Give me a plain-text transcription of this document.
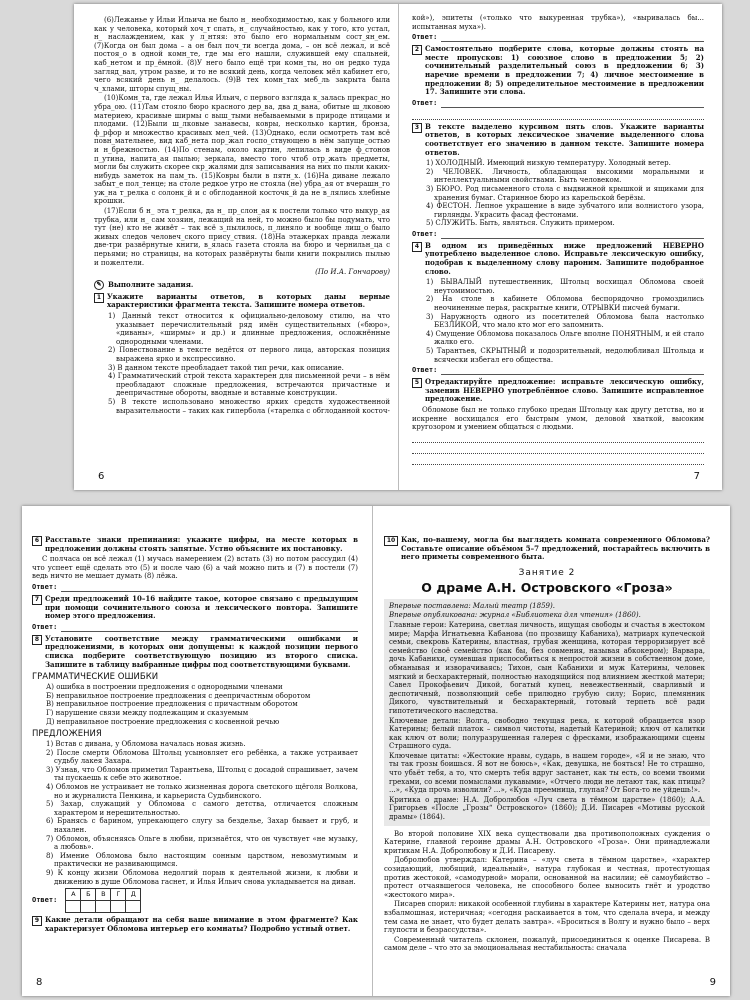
(6)Лежанье у Ильи Ильича не было н_ необходимостью, как у больного или как у человека, который хоч_т спать, н_ случайностью, как у того, кто устал, н_ наслаждением, как у л_нтяя: это было его нормальным сост_ян_ем. (7)Когда он был дома – а он был поч_ти всегда дома, – он всё лежал, и всё постоя_о в одной комн_те, где мы его нашли, служившей ему спальней, каб_нетом и пр_ёмной. (8)У него было ещё три комн_ты, но он редко туда загляд_вал, утром разве, и то не всякий день, когда человек мёл кабинет его, чего всякий день н_ делалось. (9)В тех комн_тах меб_ль закрыта была ч_хлами, шторы спущ_ны.

(10)Комн_та, где лежал Илья Ильич, с первого взгляда к_залась прекрас_но убра_ою. (11)Там стояло бюро красного дер_ва, два д_вана, обитые ш_лковою материею, красивые ширмы с выш_тыми небываемыми в природе птицами и плодами. (12)Были ш_лковые занавесы, ковры, несколько картин, бронза, ф_рфор и множество красивых мел_чей. (13)Однако, если осмотреть там всё повн_мательнее, вид каб_нета пор_жал госпо_ствующею в нём запуще_остью и н_брежностью. (14)По стенам, около картин, лепилась в виде ф_стонов п_утина, напита_ая пылью; зеркала, вместо того чтоб отр_жать предметы, могли бы служить скорее скр_жалями для записывания на них по пыли каких-нибудь заметок на пам_ть. (15)Ковры были в пятн_х. (16)На диване лежало забыт_е пол_тенце; на столе редкое утро не стояла (не) убра_ая от вчерашн_го уж_на т_релка с солонк_й и с обглоданной косточк_й да не в_лялись хлебные крошки.

(17)Если б н_ эта т_релка, да н_ пр_слон_ая к постели только что выкур_ая трубка, или н_ сам хозяин, лежащий на ней, то можно было бы подумать, что тут (не) кто не живёт – так всё з_пылилось, п_линяло и вообще лиш_о было живых следов человеч_ского прису_ствия. (18)На этажерках правда лежали две-три развёрнутые книги, в_ялась газета стояла на бюро и чернильн_ца с перьями; но страницы, на которых развёрнуты были книги покрылись пылью и пожелтели.

(По И.А. Гончарову)

✎ Выполните задания.
1 Укажите варианты ответов, в которых даны верные характеристики фрагмента текста. Запишите номера ответов.

1) Данный текст относится к официально-деловому стилю, на что указывает перечислительный ряд имён существительных («бюро», «диваны», «ширмы» и др.) и длинные предложения, осложнённые однородными членами.

2) Повествование в тексте ведётся от первого лица, авторская позиция выражена ярко и экспрессивно.

3) В данном тексте преобладает такой тип речи, как описание.

4) Грамматический строй текста характерен для письменной речи – в нём преобладают сложные предложения, встречаются причастные и деепричастные обороты, вводные и вставные конструкции.

5) В тексте использовано множество ярких средств художественной выразительности – таких как гипербола («тарелка с обглоданной косточ-

6

кой»), эпитеты («только что выкуренная трубка»), «выривалась бы... испытанная муха»).

Ответ:
2 Самостоятельно подберите слова, которые должны стоять на месте пропусков: 1) союзное слово в предложении 5; 2) сочинительный разделительный союз в предложении 6; 3) наречие времени в предложении 7; 4) личное местоимение в предложении 8; 5) определительное местоимение в предложении 17. Запишите эти слова.
Ответ:
3 В тексте выделено курсивом пять слов. Укажите варианты ответов, в которых лексическое значение выделенного слова соответствует его значению в данном тексте. Запишите номера ответов.

1) ХОЛОДНЫЙ. Имеющий низкую температуру. Холодный ветер.

2) ЧЕЛОВЕК. Личность, обладающая высокими моральными и интеллектуальными свойствами. Быть человеком.

3) БЮРО. Род письменного стола с выдвижной крышкой и ящиками для хранения бумаг. Старинное бюро из карельской берёзы.

4) ФЕСТОН. Лепное украшение в виде зубчатого или волнистого узора, гирлянды. Украсить фасад фестонами.

5) СЛУЖИТЬ. Быть, являться. Служить примером.

Ответ:
4 В одном из приведённых ниже предложений НЕВЕРНО употреблено выделенное слово. Исправьте лексическую ошибку, подобрав к выделенному слову пароним. Запишите подобранное слово.

1) БЫВАЛЫЙ путешественник, Штольц восхищал Обломова своей неутомимостью.

2) На столе в кабинете Обломова беспорядочно громоздились неочиненные перья, раскрытые книги, ОТРЫВКИ писчей бумаги.

3) Наружность одного из посетителей Обломова была настолько БЕЗЛИКОЙ, что мало кто мог его запомнить.

4) Смущение Обломова показалось Ольге вполне ПОНЯТНЫМ, и ей стало жалко его.

5) Тарантьев, СКРЫТНЫЙ и подозрительный, недолюбливал Штольца и всячески избегал его общества.

Ответ:
5 Отредактируйте предложение: исправьте лексическую ошибку, заменив НЕВЕРНО употреблённое слово. Запишите исправленное предложение.

Обломове был не только глубоко предан Штольцу как другу детства, но и искренне восхищался его быстрым умом, деловой хваткой, высоким кругозором и умением общаться с людьми.

7
6 Расставьте знаки препинания: укажите цифры, на месте которых в предложении должны стоять запятые. Устно объясните их постановку.

С полчаса он всё лежал (1) мучась намерением (2) встать (3) но потом рассудил (4) что успеет ещё сделать это (5) и после чаю (6) а чай можно пить и (7) в постели (7) ведь ничто не мешает думать (8) лёжа.

Ответ:
7 Среди предложений 10–16 найдите такое, которое связано с предыдущим при помощи сочинительного союза и лексического повтора. Запишите номер этого предложения.
Ответ:
8 Установите соответствие между грамматическими ошибками и предложениями, в которых они допущены: к каждой позиции первого списка подберите соответствующую позицию из второго списка. Запишите в таблицу выбранные цифры под соответствующими буквами.
ГРАММАТИЧЕСКИЕ ОШИБКИ

А) ошибка в построении предложения с однородными членами

Б) неправильное построение предложения с деепричастным оборотом

В) неправильное построение предложения с причастным оборотом

Г) нарушение связи между подлежащим и сказуемым

Д) неправильное построение предложения с косвенной речью

ПРЕДЛОЖЕНИЯ

1) Встав с дивана, у Обломова началась новая жизнь.

2) После смерти Обломова Штольц усыновляет его ребёнка, а также устраивает судьбу лакея Захара.

3) Узнав, что Обломов приметил Тарантьева, Штольц с досадой спрашивает, зачем ты пускаешь к себе это животное.

4) Обломов не устраивает не только жизненная дорога светского щёголя Волкова, но и журналиста Пенкина, и карьериста Судьбинского.

5) Захар, служащий у Обломова с самого детства, отличается сложным характером и нерешительностью.

6) Бранясь с барином, упрекающего слугу за безделье, Захар бывает и груб, и нахален.

7) Обломов, объясняясь Ольге в любви, признаётся, что он чувствует «не музыку, а любовь».

8) Имение Обломова было настоящим сонным царством, невозмутимым и практически не развивающимся.

9) К концу жизни Обломова недолгий порыв к деятельной жизни, к любви и движению в душе Обломова гаснет, и Илья Ильич снова укладывается на диван.

Ответ:
А	Б	В	Г	Д

9 Какие детали обращают на себя ваше внимание в этом фрагменте? Как характеризует Обломова интерьер его комнаты? Подробно устный ответ.
8
10 Как, по-вашему, могла бы выглядеть комната современного Обломова? Составьте описание объёмом 5–7 предложений, постарайтесь включить в него приметы современного быта.
Занятие 2
О драме А.Н. Островского «Гроза»

Впервые поставлена: Малый театр (1859).

Впервые опубликована: журнал «Библиотека для чтения» (1860).

Главные герои: Катерина, светлая личность, ищущая свободы и счастья в жестоком мире; Марфа Игнатьевна Кабанова (по прозвищу Кабаниха), матриарх купеческой семьи, свекровь Катерины, властная, грубая женщина, которая терроризирует всё семейство (своё семейство (как бы, без совмения, называя абкокером); Варвара, дочь Кабанихи, сумевшая приспособиться к непростой жизни в собственном доме, обманывая и изворачиваясь; Тихон, сын Кабанихи и муж Катерины, человек мягкий и бесхарактерный, полностью находящийся под влиянием жесткой матери; Савел Прокофьевич Дикой, богатый купец, невежественный, сварливый и деспотичный, позволяющий себе прилюдно грубую силу; Борис, племянник Дикого, чувствительный и бесхарактерный, готовый терпеть всё ради гипотетического наследства.

Ключевые детали: Волга, свободно текущая река, к которой обращается взор Катерины; белый платок – символ чистоты, надетый Катериной; ключ от калитки как ключ от воли; полуразрушенная галерея с фресками, изображающими сцены Страшного суда.

Ключевые цитаты: «Жестокие нравы, сударь, в нашем городе», «Я и не знаю, что ты так грозы боишься. Я вот не боюсь», «Как, девушка, не бояться! Не то страшно, что убьёт тебя, а то, что смерть тебя вдруг застанет, как ты есть, со всеми твоими грехами, со всеми помыслами лукавыми», «Отчего люди не летают так, как птицы? ...», «Куда прочь изволили? ...», «Куда преемница, глупая? От Бога-то не уйдешь!».

Критика о драме: Н.А. Добролюбов «Луч света в тёмном царстве» (1860); А.А. Григорьев «После „Грозы“ Островского» (1860); Д.И. Писарев «Мотивы русской драмы» (1864).

Во второй половине XIX века существовали два противоположных суждения о Катерине, главной героине драмы А.Н. Островского «Гроза». Они принадлежали критикам Н.А. Добролюбову и Д.И. Писареву.

Добролюбов утверждал: Катерина – «луч света в тёмном царстве», «характер созидающий, любящий, идеальный», натура глубокая и честная, протестующая против жестокой, «самодурной» морали, основанной на насилии; её самоубийство – протест отчаявшегося человека, не способного более выносить гнёт и уродство «жестокого мира».

Писарев спорил: никакой особенной глубины в характере Катерины нет, натура она взбалмошная, истеричная; «сегодня раскаивается в том, что сделала вчера, и между тем сама не знает, что будет делать завтра». «Броситься в Волгу и нужно было – верх глупости и безрассудства».

Современный читатель склонен, пожалуй, присоединиться к оценке Писарева. В самом деле – что это за эмоциональная нестабильность: сначала

9
